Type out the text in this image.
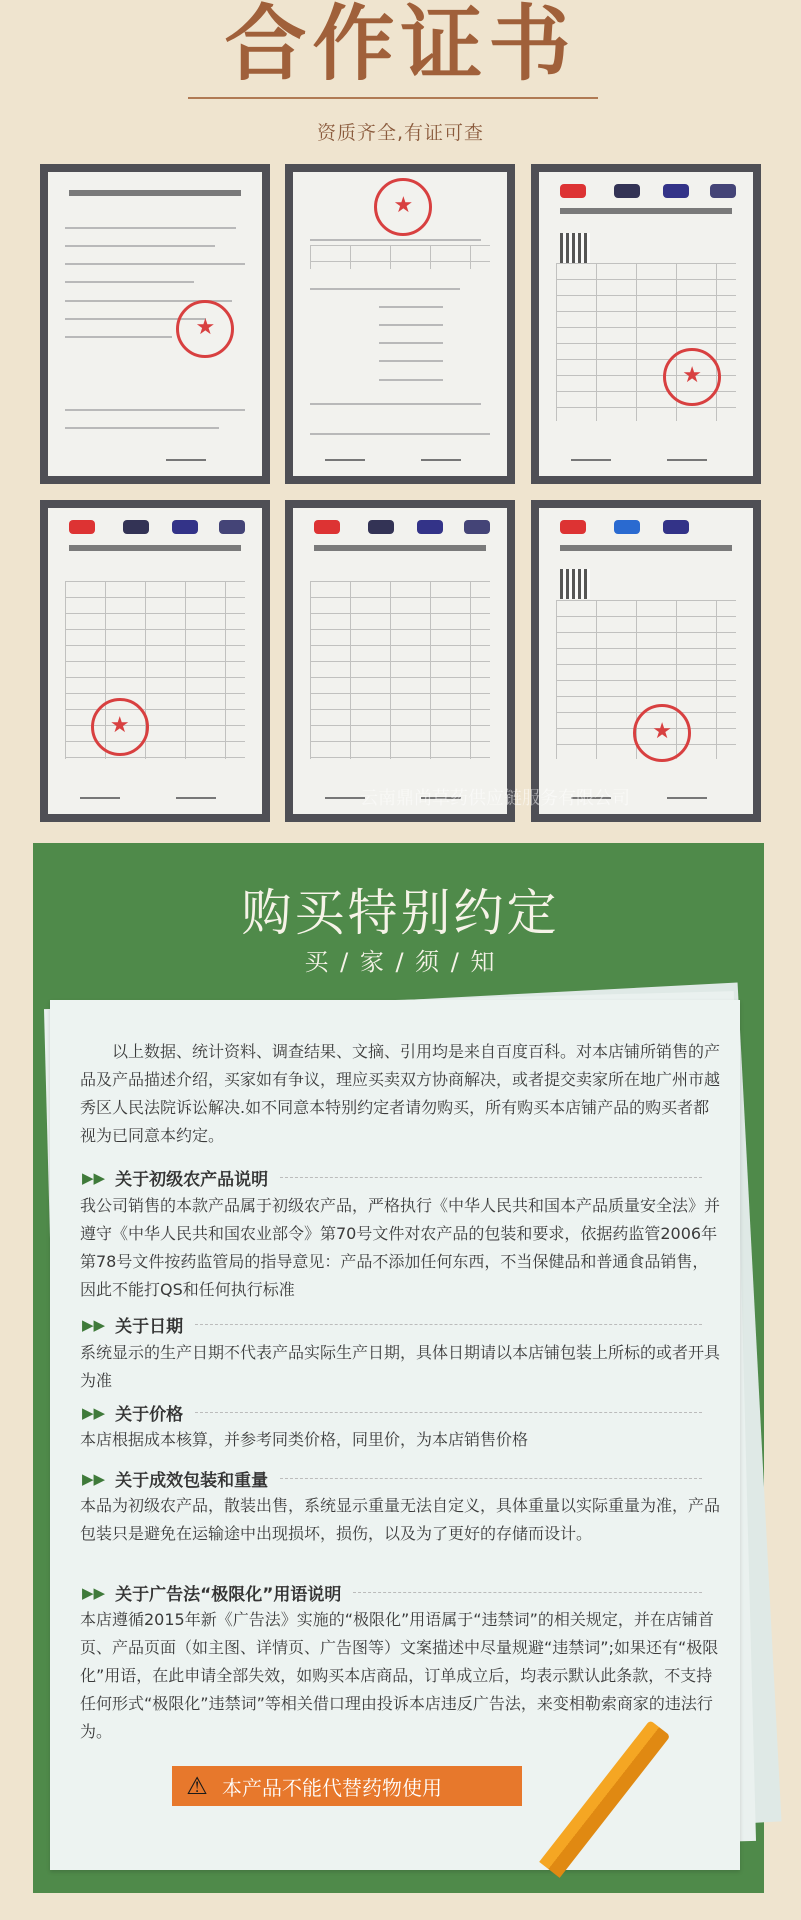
合作证书
资质齐全,有证可查
★
★
★
★
★
云南鼎尚草药供应链服务有限公司
购买特别约定
买 / 家 / 须 / 知
以上数据、统计资料、调查结果、文摘、引用均是来自百度百科。对本店铺所销售的产品及产品描述介绍，买家如有争议，理应买卖双方协商解决，或者提交卖家所在地广州市越秀区人民法院诉讼解决.如不同意本特别约定者请勿购买，所有购买本店铺产品的购买者都视为已同意本约定。
▶▶ 关于初级农产品说明
我公司销售的本款产品属于初级农产品，严格执行《中华人民共和国本产品质量安全法》并遵守《中华人民共和国农业部令》第70号文件对农产品的包装和要求，依据药监管2006年第78号文件按药监管局的指导意见：产品不添加任何东西，不当保健品和普通食品销售，因此不能打QS和任何执行标准
▶▶ 关于日期
系统显示的生产日期不代表产品实际生产日期，具体日期请以本店铺包装上所标的或者开具为准
▶▶ 关于价格
本店根据成本核算，并参考同类价格，同里价，为本店销售价格
▶▶ 关于成效包装和重量
本品为初级农产品，散装出售，系统显示重量无法自定义，具体重量以实际重量为准，产品包装只是避免在运输途中出现损坏，损伤，以及为了更好的存储而设计。
▶▶ 关于广告法“极限化”用语说明
本店遵循2015年新《广告法》实施的“极限化”用语属于“违禁词”的相关规定，并在店铺首页、产品页面（如主图、详情页、广告图等）文案描述中尽量规避“违禁词”;如果还有“极限化”用语，在此申请全部失效，如购买本店商品，订单成立后，均表示默认此条款，不支持任何形式“极限化”违禁词”等相关借口理由投诉本店违反广告法，来变相勒索商家的违法行为。
⚠ 本产品不能代替药物使用
